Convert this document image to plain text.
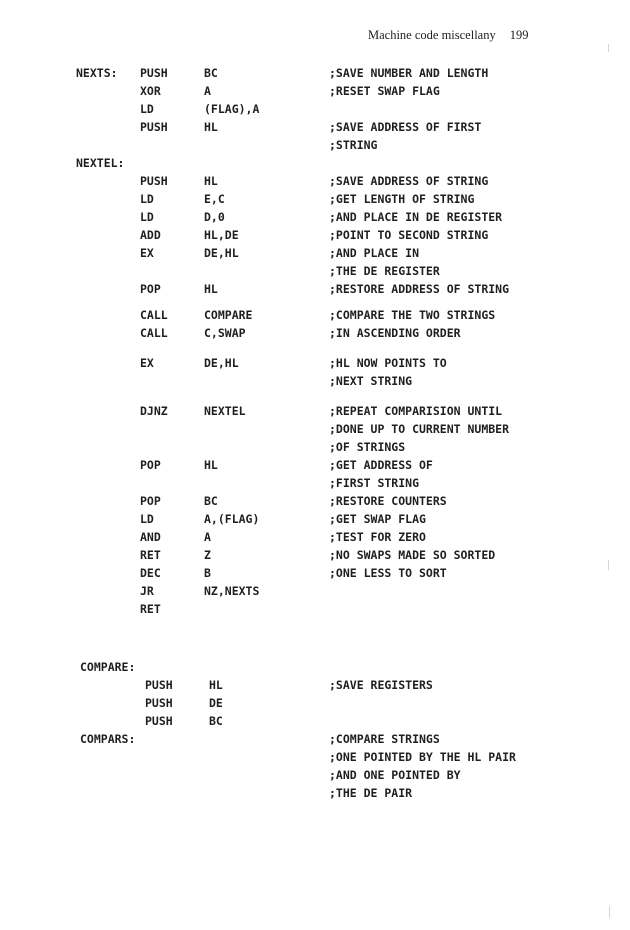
Machine code miscellany 199
NEXTS: PUSH	BC	;SAVE NUMBER AND LENGTH
XOR	A	;RESET SWAP FLAG
LD	(FLAG),A
PUSH	HL	;SAVE ADDRESS OF FIRST
;STRING
NEXTEL:
PUSH	HL	;SAVE ADDRESS OF STRING
LD	E,C	;GET LENGTH OF STRING
LD	D,0	;AND PLACE IN DE REGISTER
ADD	HL,DE	;POINT TO SECOND STRING
EX	DE,HL	;AND PLACE IN
;THE DE REGISTER
POP	HL	;RESTORE ADDRESS OF STRING
CALL	COMPARE	;COMPARE THE TWO STRINGS
CALL	C,SWAP	;IN ASCENDING ORDER
EX	DE,HL	;HL NOW POINTS TO
;NEXT STRING
DJNZ	NEXTEL	;REPEAT COMPARISION UNTIL
;DONE UP TO CURRENT NUMBER
;OF STRINGS
POP	HL	;GET ADDRESS OF
;FIRST STRING
POP	BC	;RESTORE COUNTERS
LD	A,(FLAG)	;GET SWAP FLAG
AND	A	;TEST FOR ZERO
RET	Z	;NO SWAPS MADE SO SORTED
DEC	B	;ONE LESS TO SORT
JR	NZ,NEXTS
RET
COMPARE:
PUSH	HL	;SAVE REGISTERS
PUSH	DE
PUSH	BC
COMPARS:	;COMPARE STRINGS
;ONE POINTED BY THE HL PAIR
;AND ONE POINTED BY
;THE DE PAIR
